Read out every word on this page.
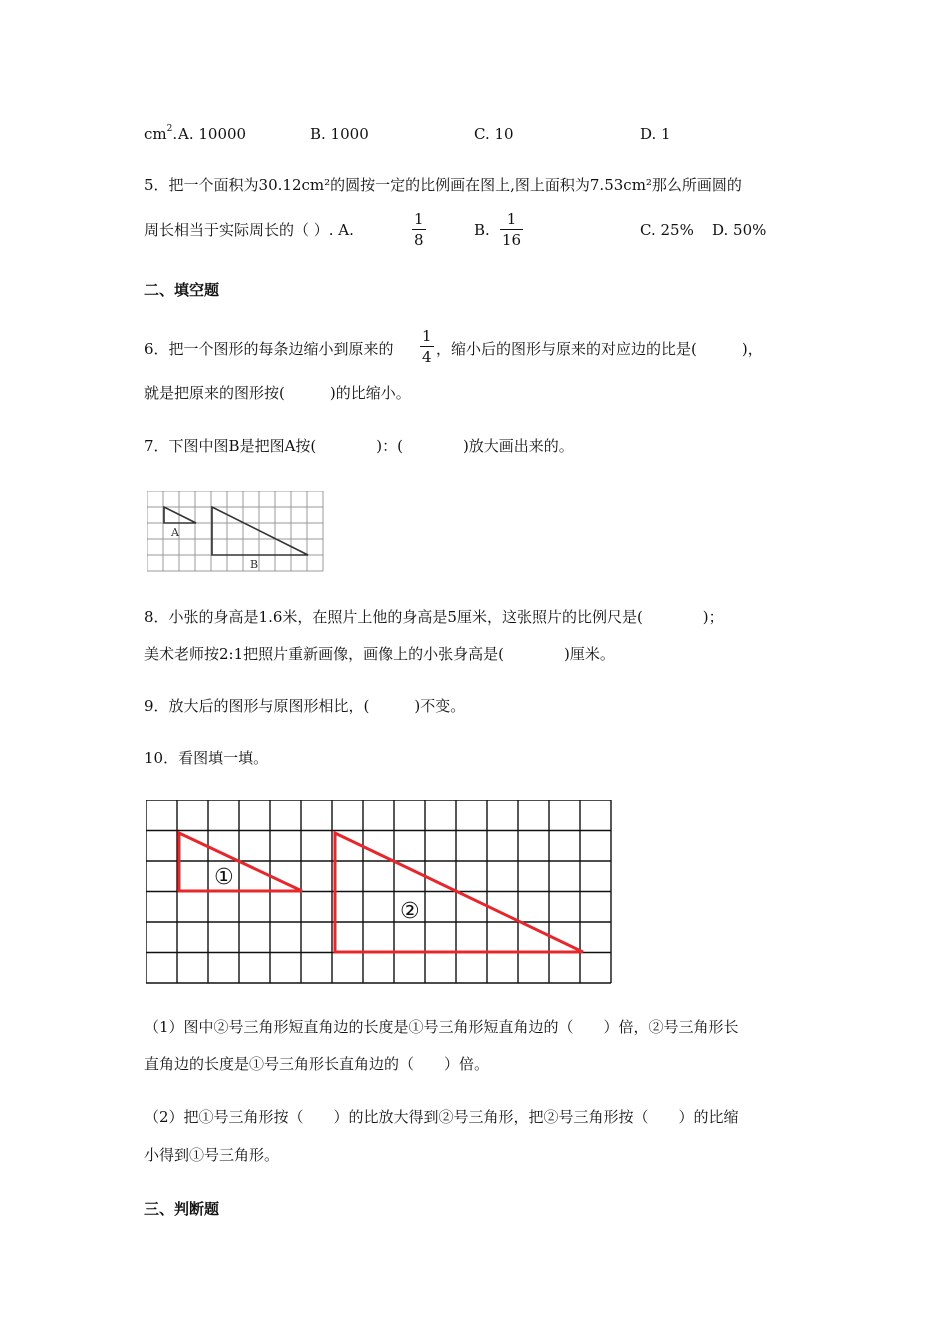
$cm^2$. A. 10000	B. 1000	C. 10	D. 1
5．把一个面积为30.12cm²的圆按一定的比例画在图上,图上面积为7.53cm²那么所画圆的
周长相当于实际周长的（ ）. A.
1
8
B.
1
16
C. 25% D. 50%
二、填空题
6．把一个图形的每条边缩小到原来的
1
4 ，缩小后的图形与原来的对应边的比是(　　　)，
就是把原来的图形按(　　　)的比缩小。
7．下图中图B是把图A按(　　　　)：(　　　　)放大画出来的。
A
B
8．小张的身高是1.6米，在照片上他的身高是5厘米，这张照片的比例尺是(　　　　)；
美术老师按2:1把照片重新画像，画像上的小张身高是(　　　　)厘米。
9．放大后的图形与原图形相比，(　　　)不变。
10．看图填一填。
①
②
（1）图中②号三角形短直角边的长度是①号三角形短直角边的（　　）倍，②号三角形长
直角边的长度是①号三角形长直角边的（　　）倍。
（2）把①号三角形按（　　）的比放大得到②号三角形，把②号三角形按（　　）的比缩
小得到①号三角形。
三、判断题
